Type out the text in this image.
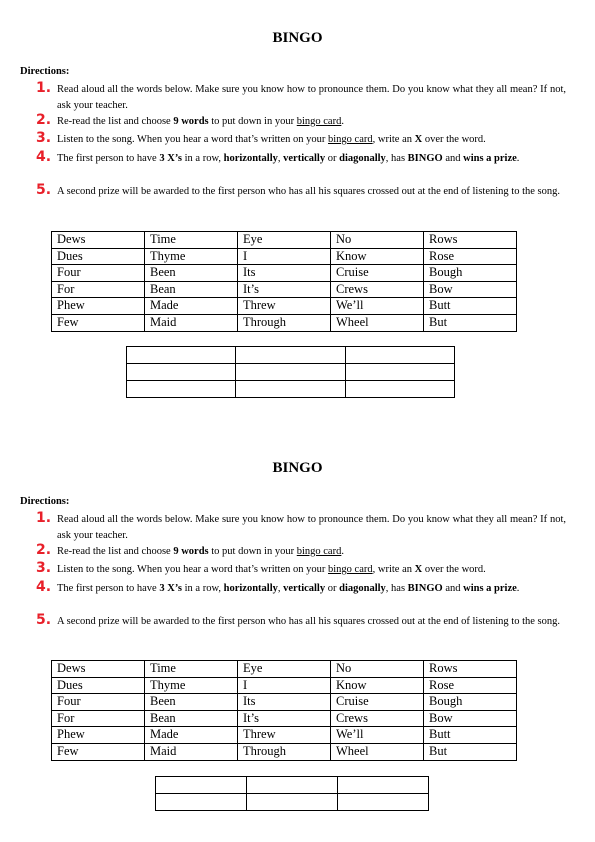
BINGO
Directions:
1. Read aloud all the words below. Make sure you know how to pronounce them. Do you know what they all mean? If not, ask your teacher.
2. Re-read the list and choose 9 words to put down in your bingo card.
3. Listen to the song. When you hear a word that’s written on your bingo card, write an X over the word.
4. The first person to have 3 X’s in a row, horizontally, vertically or diagonally, has BINGO and wins a prize.
5. A second prize will be awarded to the first person who has all his squares crossed out at the end of listening to the song.
Dews	Time	Eye	No	Rows
Dues	Thyme	I	Know	Rose
Four	Been	Its	Cruise	Bough
For	Bean	It’s	Crews	Bow
Phew	Made	Threw	We’ll	Butt
Few	Maid	Through	Wheel	But

BINGO
Directions:
1. Read aloud all the words below. Make sure you know how to pronounce them. Do you know what they all mean? If not, ask your teacher.
2. Re-read the list and choose 9 words to put down in your bingo card.
3. Listen to the song. When you hear a word that’s written on your bingo card, write an X over the word.
4. The first person to have 3 X’s in a row, horizontally, vertically or diagonally, has BINGO and wins a prize.
5. A second prize will be awarded to the first person who has all his squares crossed out at the end of listening to the song.
Dews	Time	Eye	No	Rows
Dues	Thyme	I	Know	Rose
Four	Been	Its	Cruise	Bough
For	Bean	It’s	Crews	Bow
Phew	Made	Threw	We’ll	Butt
Few	Maid	Through	Wheel	But
